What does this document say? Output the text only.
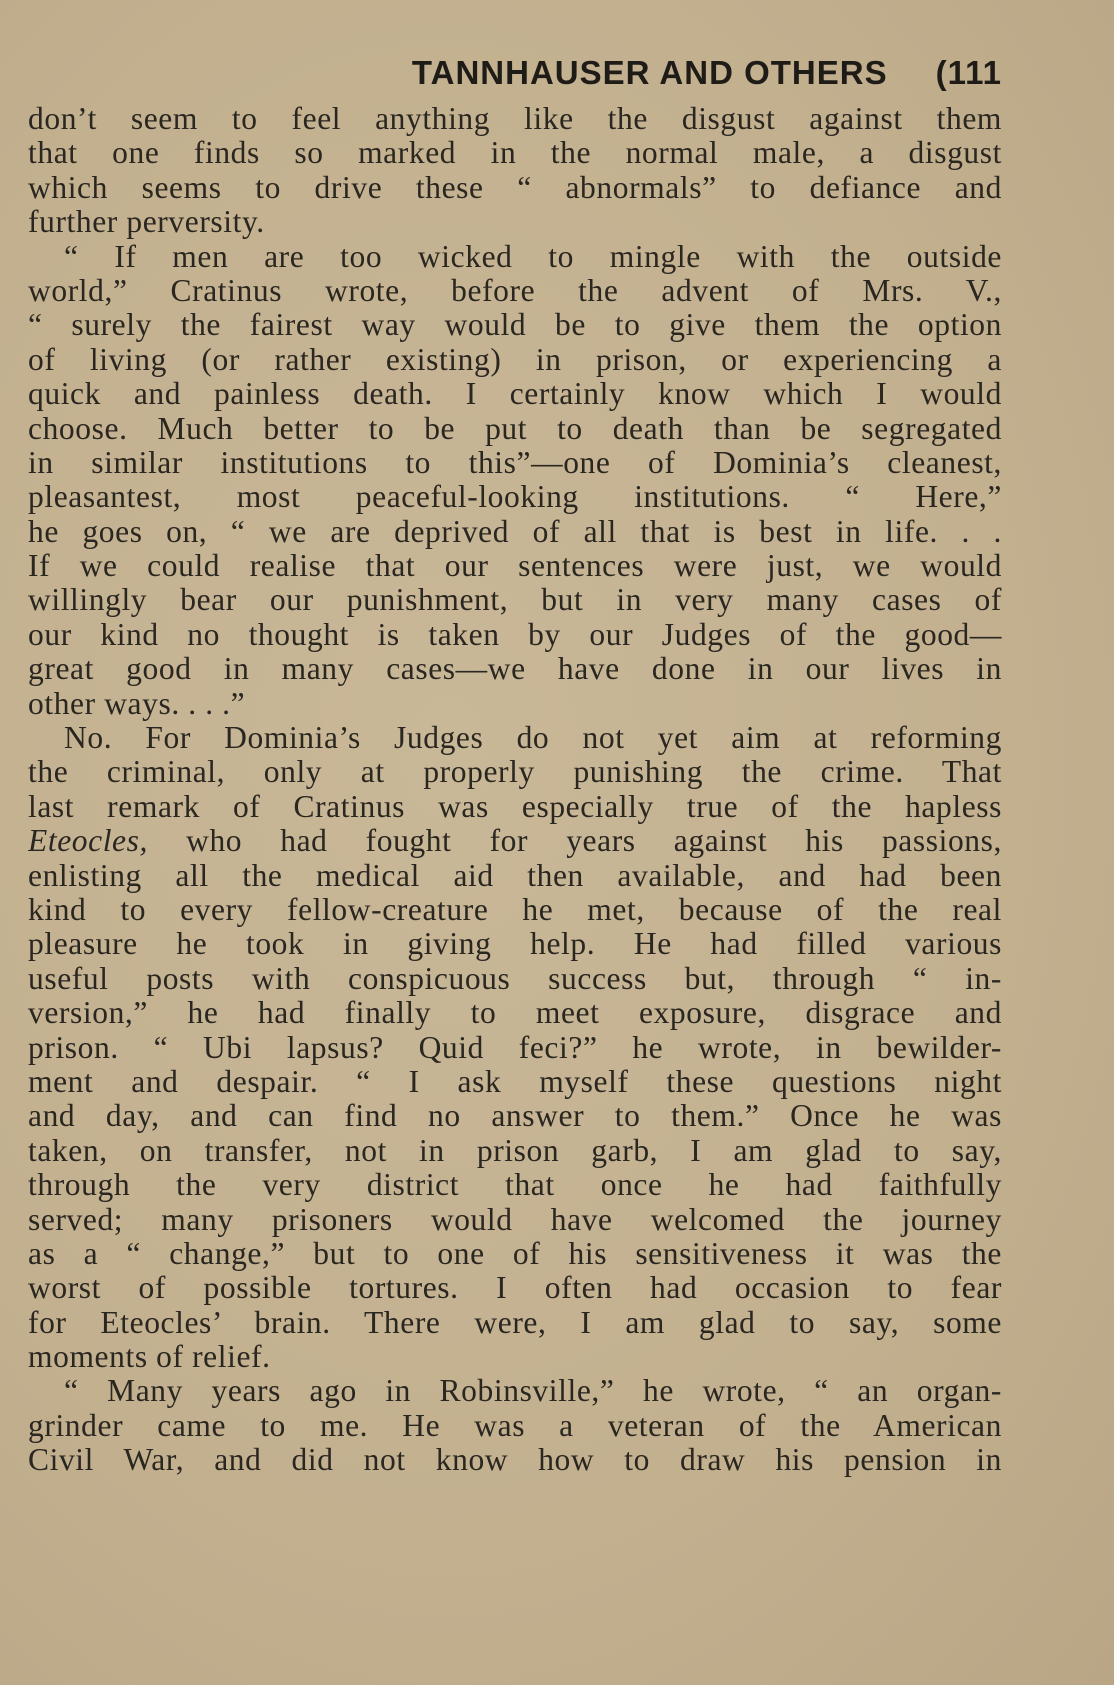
TANNHAUSER AND OTHERS (111
don’t seem to feel anything like the disgust against them
that one finds so marked in the normal male, a disgust
which seems to drive these “ abnormals” to defiance and
further perversity.
“ If men are too wicked to mingle with the outside
world,” Cratinus wrote, before the advent of Mrs. V.,
“ surely the fairest way would be to give them the option
of living (or rather existing) in prison, or experiencing a
quick and painless death. I certainly know which I would
choose. Much better to be put to death than be segregated
in similar institutions to this”—one of Dominia’s cleanest,
pleasantest, most peaceful-looking institutions. “ Here,”
he goes on, “ we are deprived of all that is best in life. . .
If we could realise that our sentences were just, we would
willingly bear our punishment, but in very many cases of
our kind no thought is taken by our Judges of the good—
great good in many cases—we have done in our lives in
other ways. . . .”
No. For Dominia’s Judges do not yet aim at reforming
the criminal, only at properly punishing the crime. That
last remark of Cratinus was especially true of the hapless
Eteocles, who had fought for years against his passions,
enlisting all the medical aid then available, and had been
kind to every fellow-creature he met, because of the real
pleasure he took in giving help. He had filled various
useful posts with conspicuous success but, through “ in-
version,” he had finally to meet exposure, disgrace and
prison. “ Ubi lapsus? Quid feci?” he wrote, in bewilder-
ment and despair. “ I ask myself these questions night
and day, and can find no answer to them.” Once he was
taken, on transfer, not in prison garb, I am glad to say,
through the very district that once he had faithfully
served; many prisoners would have welcomed the journey
as a “ change,” but to one of his sensitiveness it was the
worst of possible tortures. I often had occasion to fear
for Eteocles’ brain. There were, I am glad to say, some
moments of relief.
“ Many years ago in Robinsville,” he wrote, “ an organ-
grinder came to me. He was a veteran of the American
Civil War, and did not know how to draw his pension in
